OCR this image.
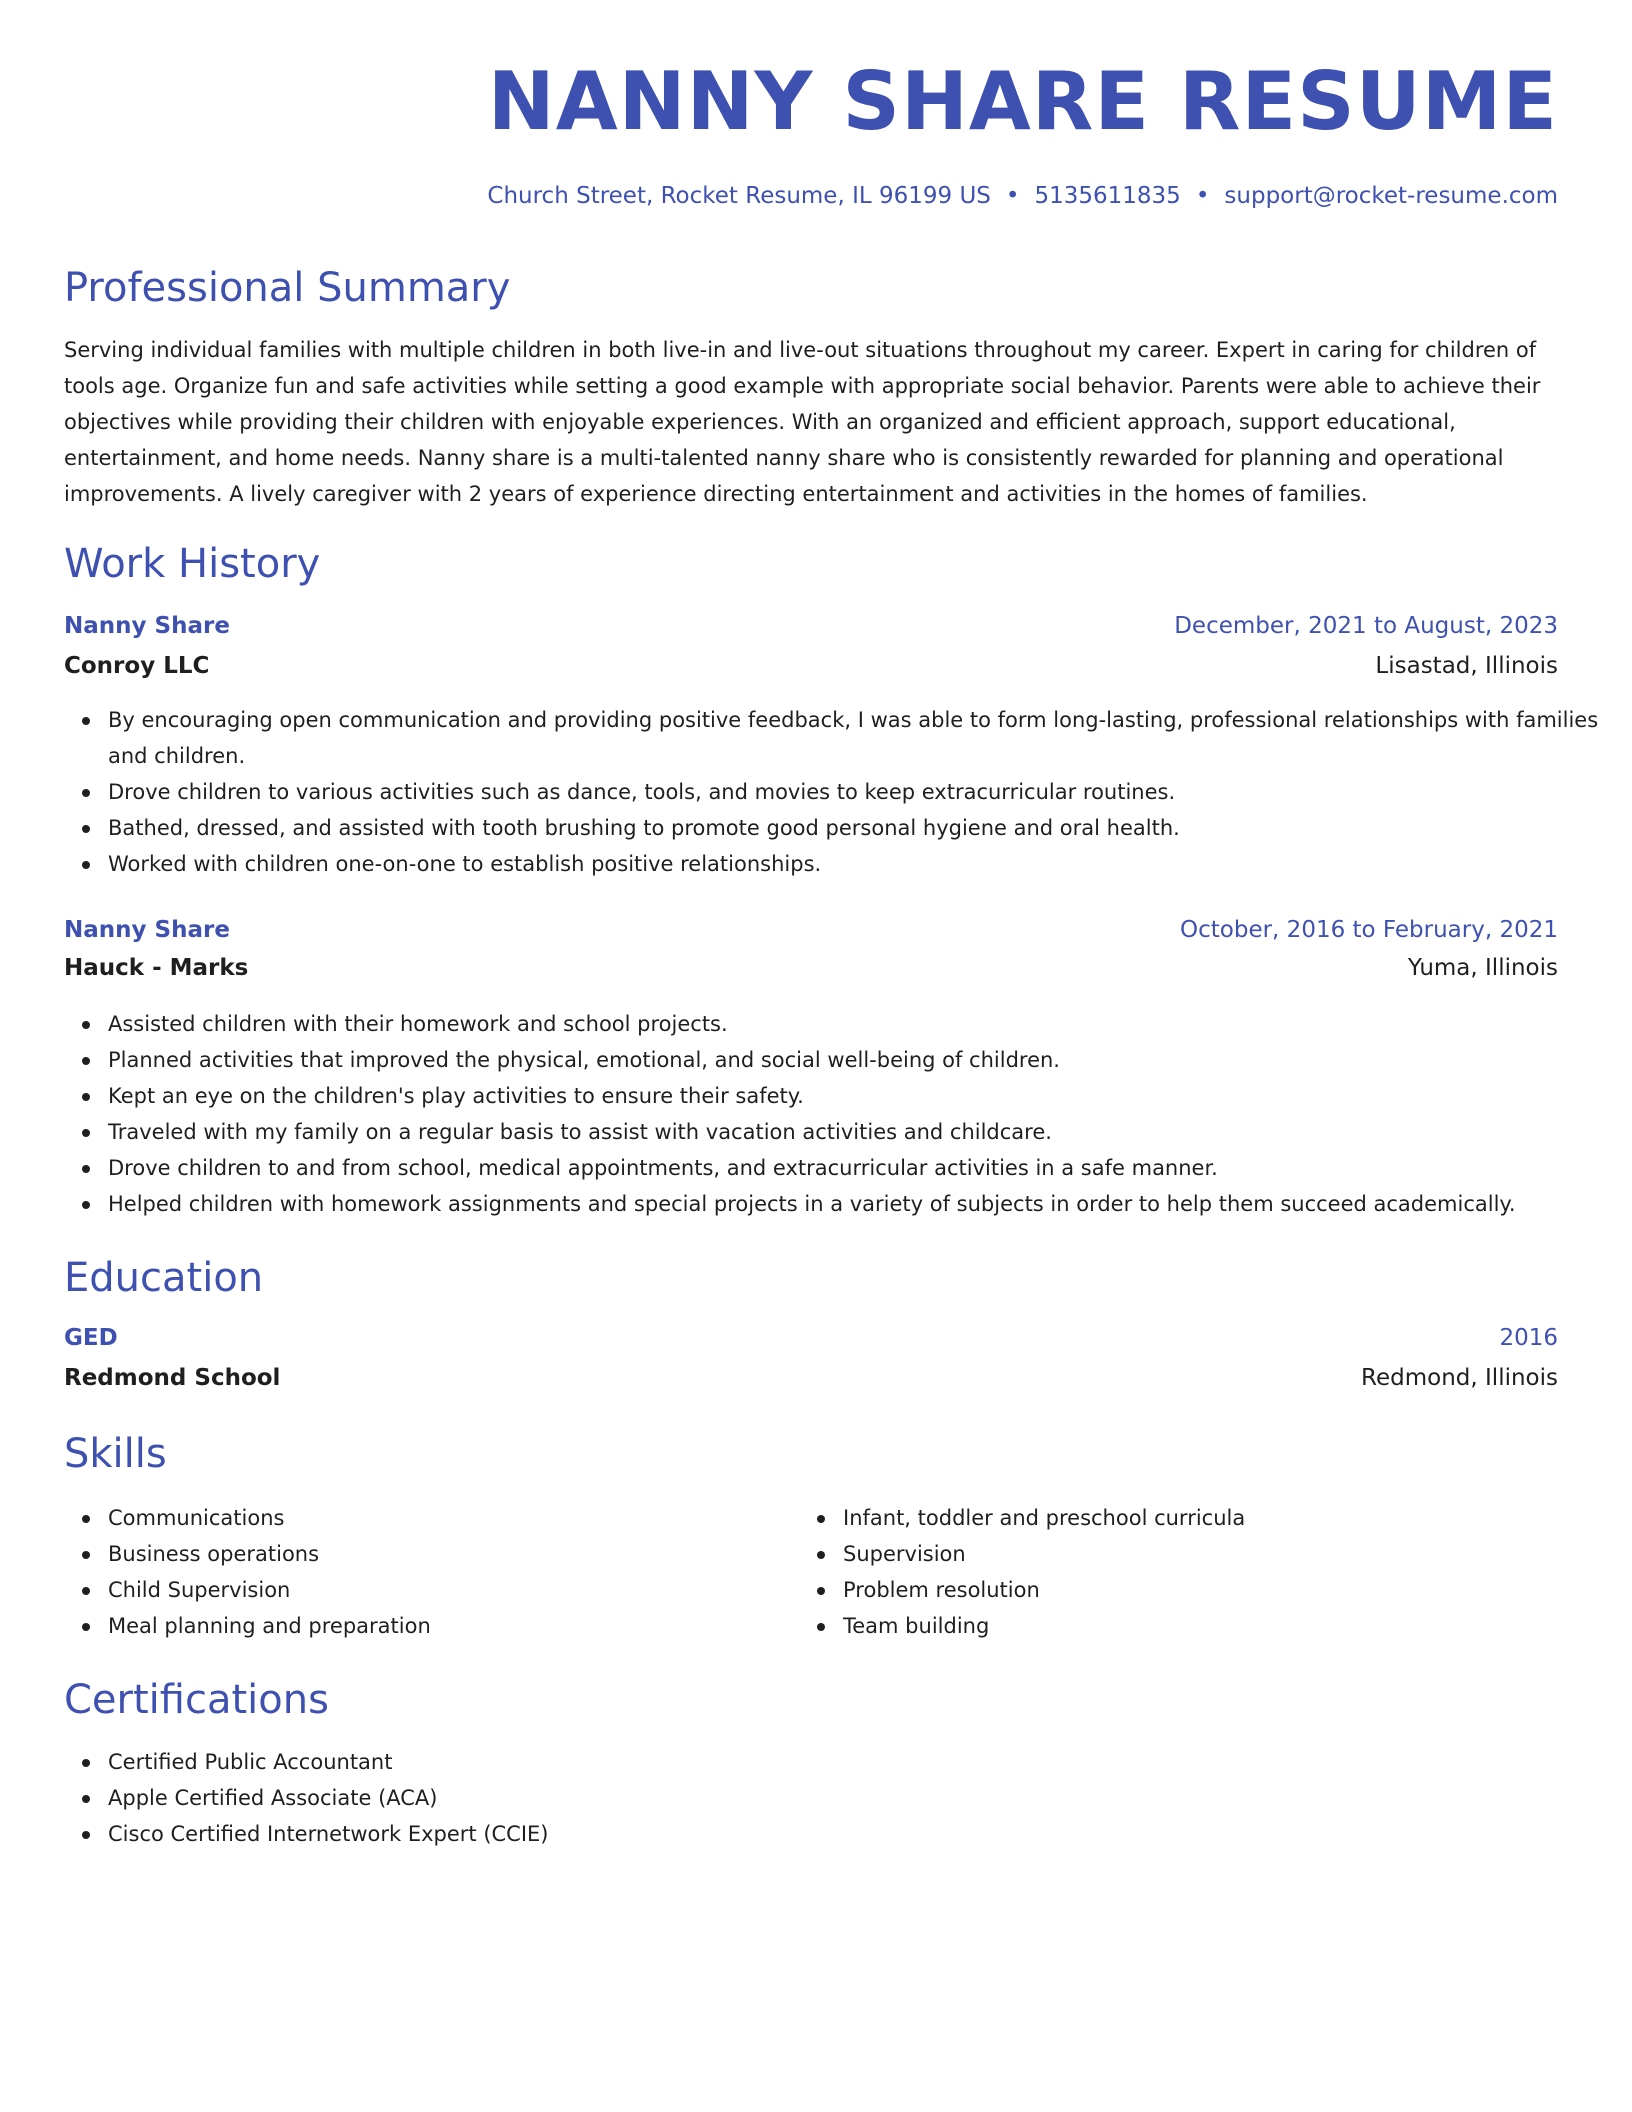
NANNY SHARE RESUME
Church Street, Rocket Resume, IL 96199 US • 5135611835 • support@rocket-resume.com
Professional Summary

Serving individual families with multiple children in both live-in and live-out situations throughout my career. Expert in caring for children of tools age. Organize fun and safe activities while setting a good example with appropriate social behavior. Parents were able to achieve their objectives while providing their children with enjoyable experiences. With an organized and efficient approach, support educational, entertainment, and home needs. Nanny share is a multi-talented nanny share who is consistently rewarded for planning and operational improvements. A lively caregiver with 2 years of experience directing entertainment and activities in the homes of families.

Work History
Nanny Share	December, 2021 to August, 2023
Conroy LLC	Lisastad, Illinois
By encouraging open communication and providing positive feedback, I was able to form long-lasting, professional relationships with families and children.
Drove children to various activities such as dance, tools, and movies to keep extracurricular routines.
Bathed, dressed, and assisted with tooth brushing to promote good personal hygiene and oral health.
Worked with children one-on-one to establish positive relationships.
Nanny Share	October, 2016 to February, 2021
Hauck - Marks	Yuma, Illinois
Assisted children with their homework and school projects.
Planned activities that improved the physical, emotional, and social well-being of children.
Kept an eye on the children's play activities to ensure their safety.
Traveled with my family on a regular basis to assist with vacation activities and childcare.
Drove children to and from school, medical appointments, and extracurricular activities in a safe manner.
Helped children with homework assignments and special projects in a variety of subjects in order to help them succeed academically.
Education
GED	2016
Redmond School	Redmond, Illinois
Skills
Communications
Business operations
Child Supervision
Meal planning and preparation
Infant, toddler and preschool curricula
Supervision
Problem resolution
Team building
Certifications
Certified Public Accountant
Apple Certified Associate (ACA)
Cisco Certified Internetwork Expert (CCIE)
